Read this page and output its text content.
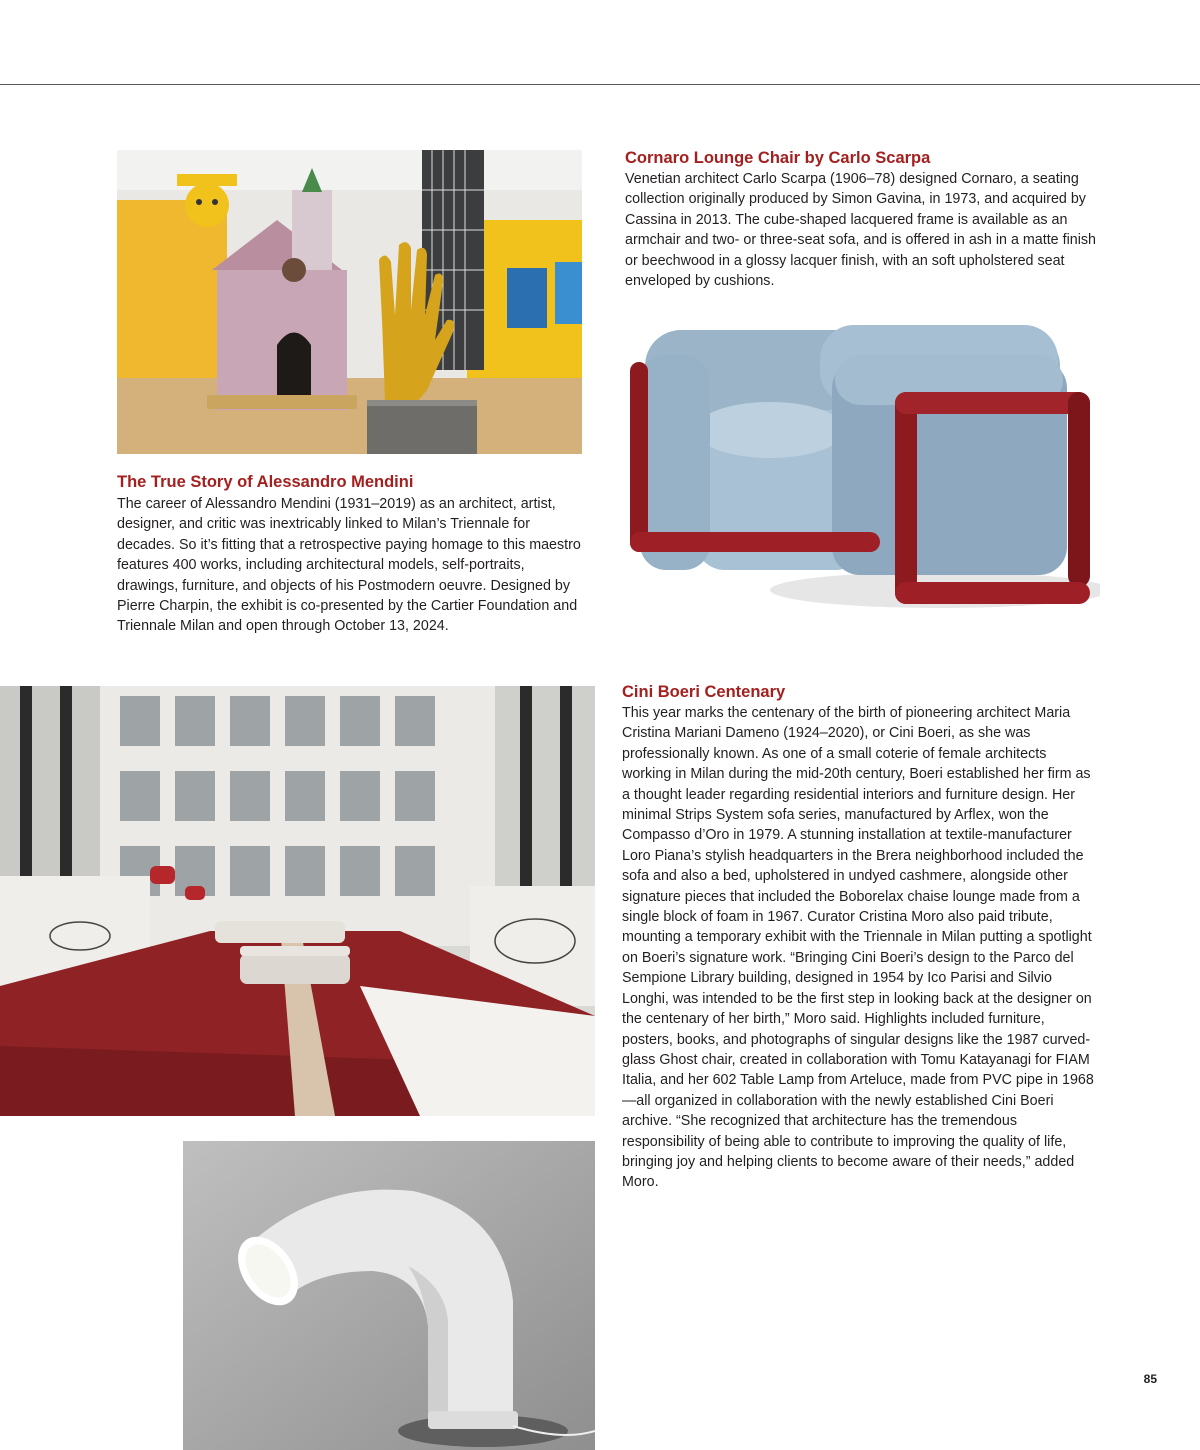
The True Story of Alessandro Mendini

The career of Alessandro Mendini (1931–2019) as an architect, artist, designer, and critic was inextricably linked to Milan’s Triennale for decades. So it’s fitting that a retrospective paying homage to this maestro features 400 works, including architectural models, self-portraits, drawings, furniture, and objects of his Postmodern oeuvre. Designed by Pierre Charpin, the exhibit is co-presented by the Cartier Foundation and Triennale Milan and open through October 13, 2024.

Cornaro Lounge Chair by Carlo Scarpa

Venetian architect Carlo Scarpa (1906–78) designed Cornaro, a seating collection originally produced by Simon Gavina, in 1973, and acquired by Cassina in 2013. The cube-shaped lacquered frame is available as an armchair and two- or three-seat sofa, and is offered in ash in a matte finish or beechwood in a glossy lacquer finish, with an soft upholstered seat enveloped by cushions.

Cini Boeri Centenary

This year marks the centenary of the birth of pioneering architect Maria Cristina Mariani Dameno (1924–2020), or Cini Boeri, as she was professionally known. As one of a small coterie of female architects working in Milan during the mid-20th century, Boeri established her firm as a thought leader regarding residential interiors and furniture design. Her minimal Strips System sofa series, manufactured by Arflex, won the Compasso d’Oro in 1979. A stunning installation at textile-manufacturer Loro Piana’s stylish headquarters in the Brera neighborhood included the sofa and also a bed, upholstered in undyed cashmere, alongside other signature pieces that included the Boborelax chaise lounge made from a single block of foam in 1967. Curator Cristina Moro also paid tribute, mounting a temporary exhibit with the Triennale in Milan putting a spotlight on Boeri’s signature work. “Bringing Cini Boeri’s design to the Parco del Sempione Library building, designed in 1954 by Ico Parisi and Silvio Longhi, was intended to be the first step in looking back at the designer on the centenary of her birth,” Moro said. Highlights included furniture, posters, books, and photographs of singular designs like the 1987 curved-glass Ghost chair, created in collaboration with Tomu Katayanagi for FIAM Italia, and her 602 Table Lamp from Arteluce, made from PVC pipe in 1968—all organized in collaboration with the newly established Cini Boeri archive. “She recognized that architecture has the tremendous responsibility of being able to contribute to improving the quality of life, bringing joy and helping clients to become aware of their needs,” added Moro.

85
